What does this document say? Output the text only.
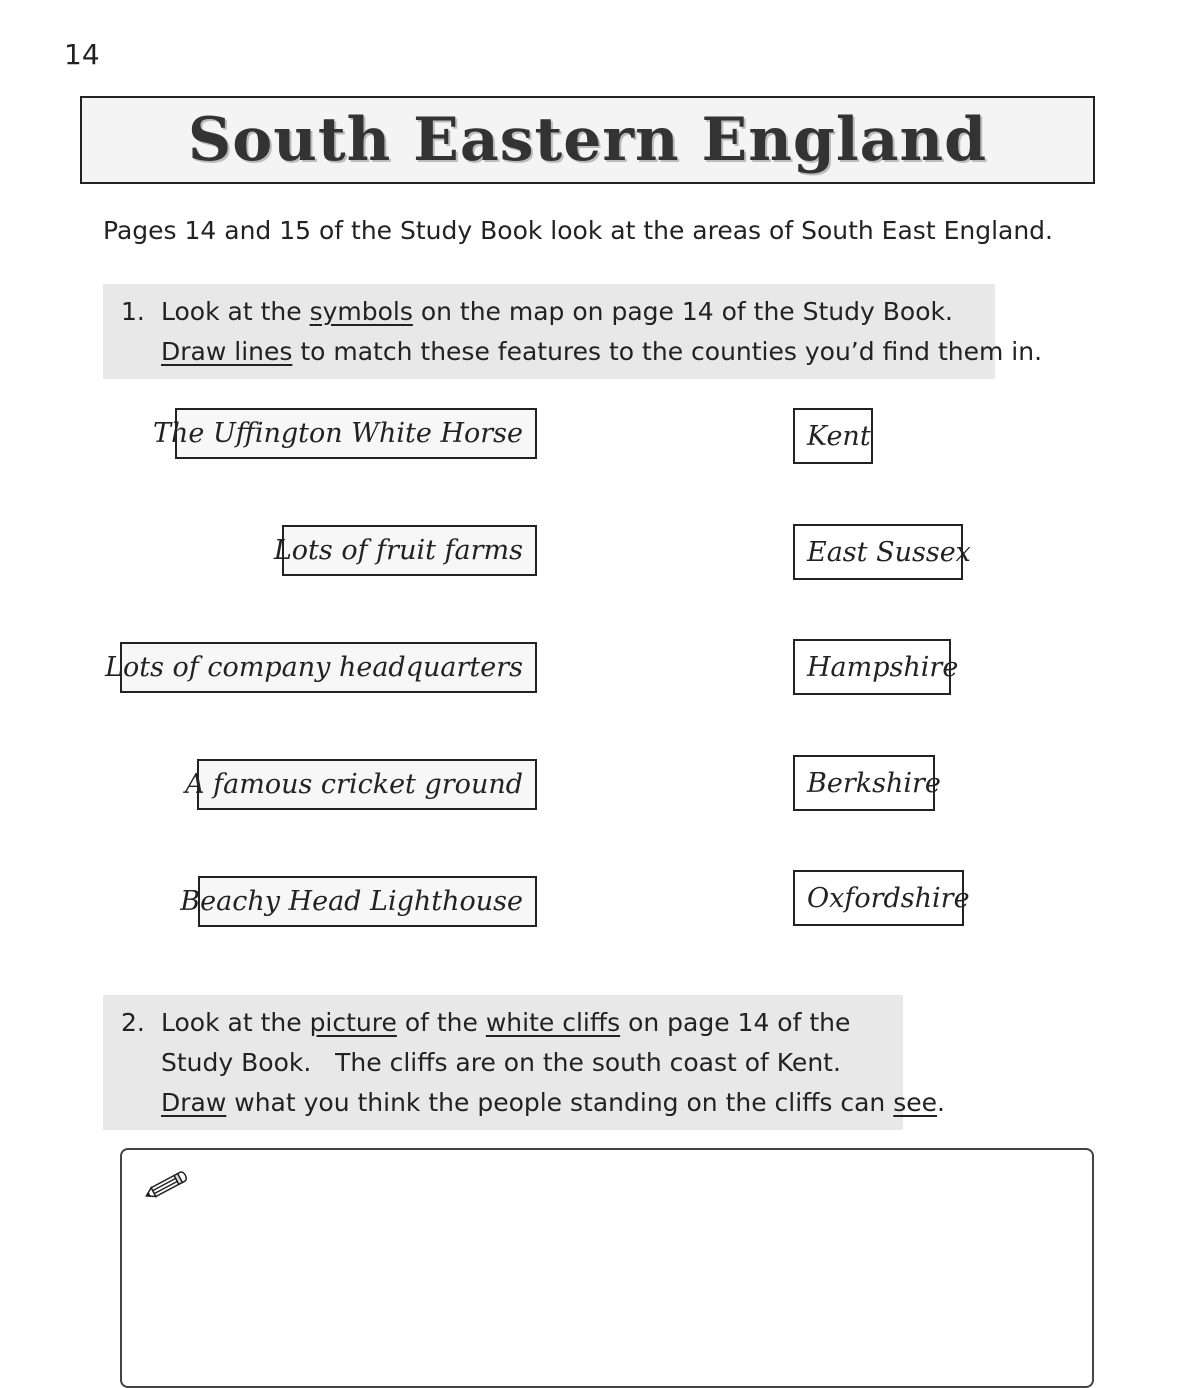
14
South Eastern England
Pages 14 and 15 of the Study Book look at the areas of South East England.
1. Look at the symbols on the map on page 14 of the Study Book.
Draw lines to match these features to the counties you’d find them in.
The Uffington White Horse
Lots of fruit farms
Lots of company headquarters
A famous cricket ground
Beachy Head Lighthouse
Kent
East Sussex
Hampshire
Berkshire
Oxfordshire
2. Look at the picture of the white cliffs on page 14 of the
Study Book.   The cliffs are on the south coast of Kent.
Draw what you think the people standing on the cliffs can see .
